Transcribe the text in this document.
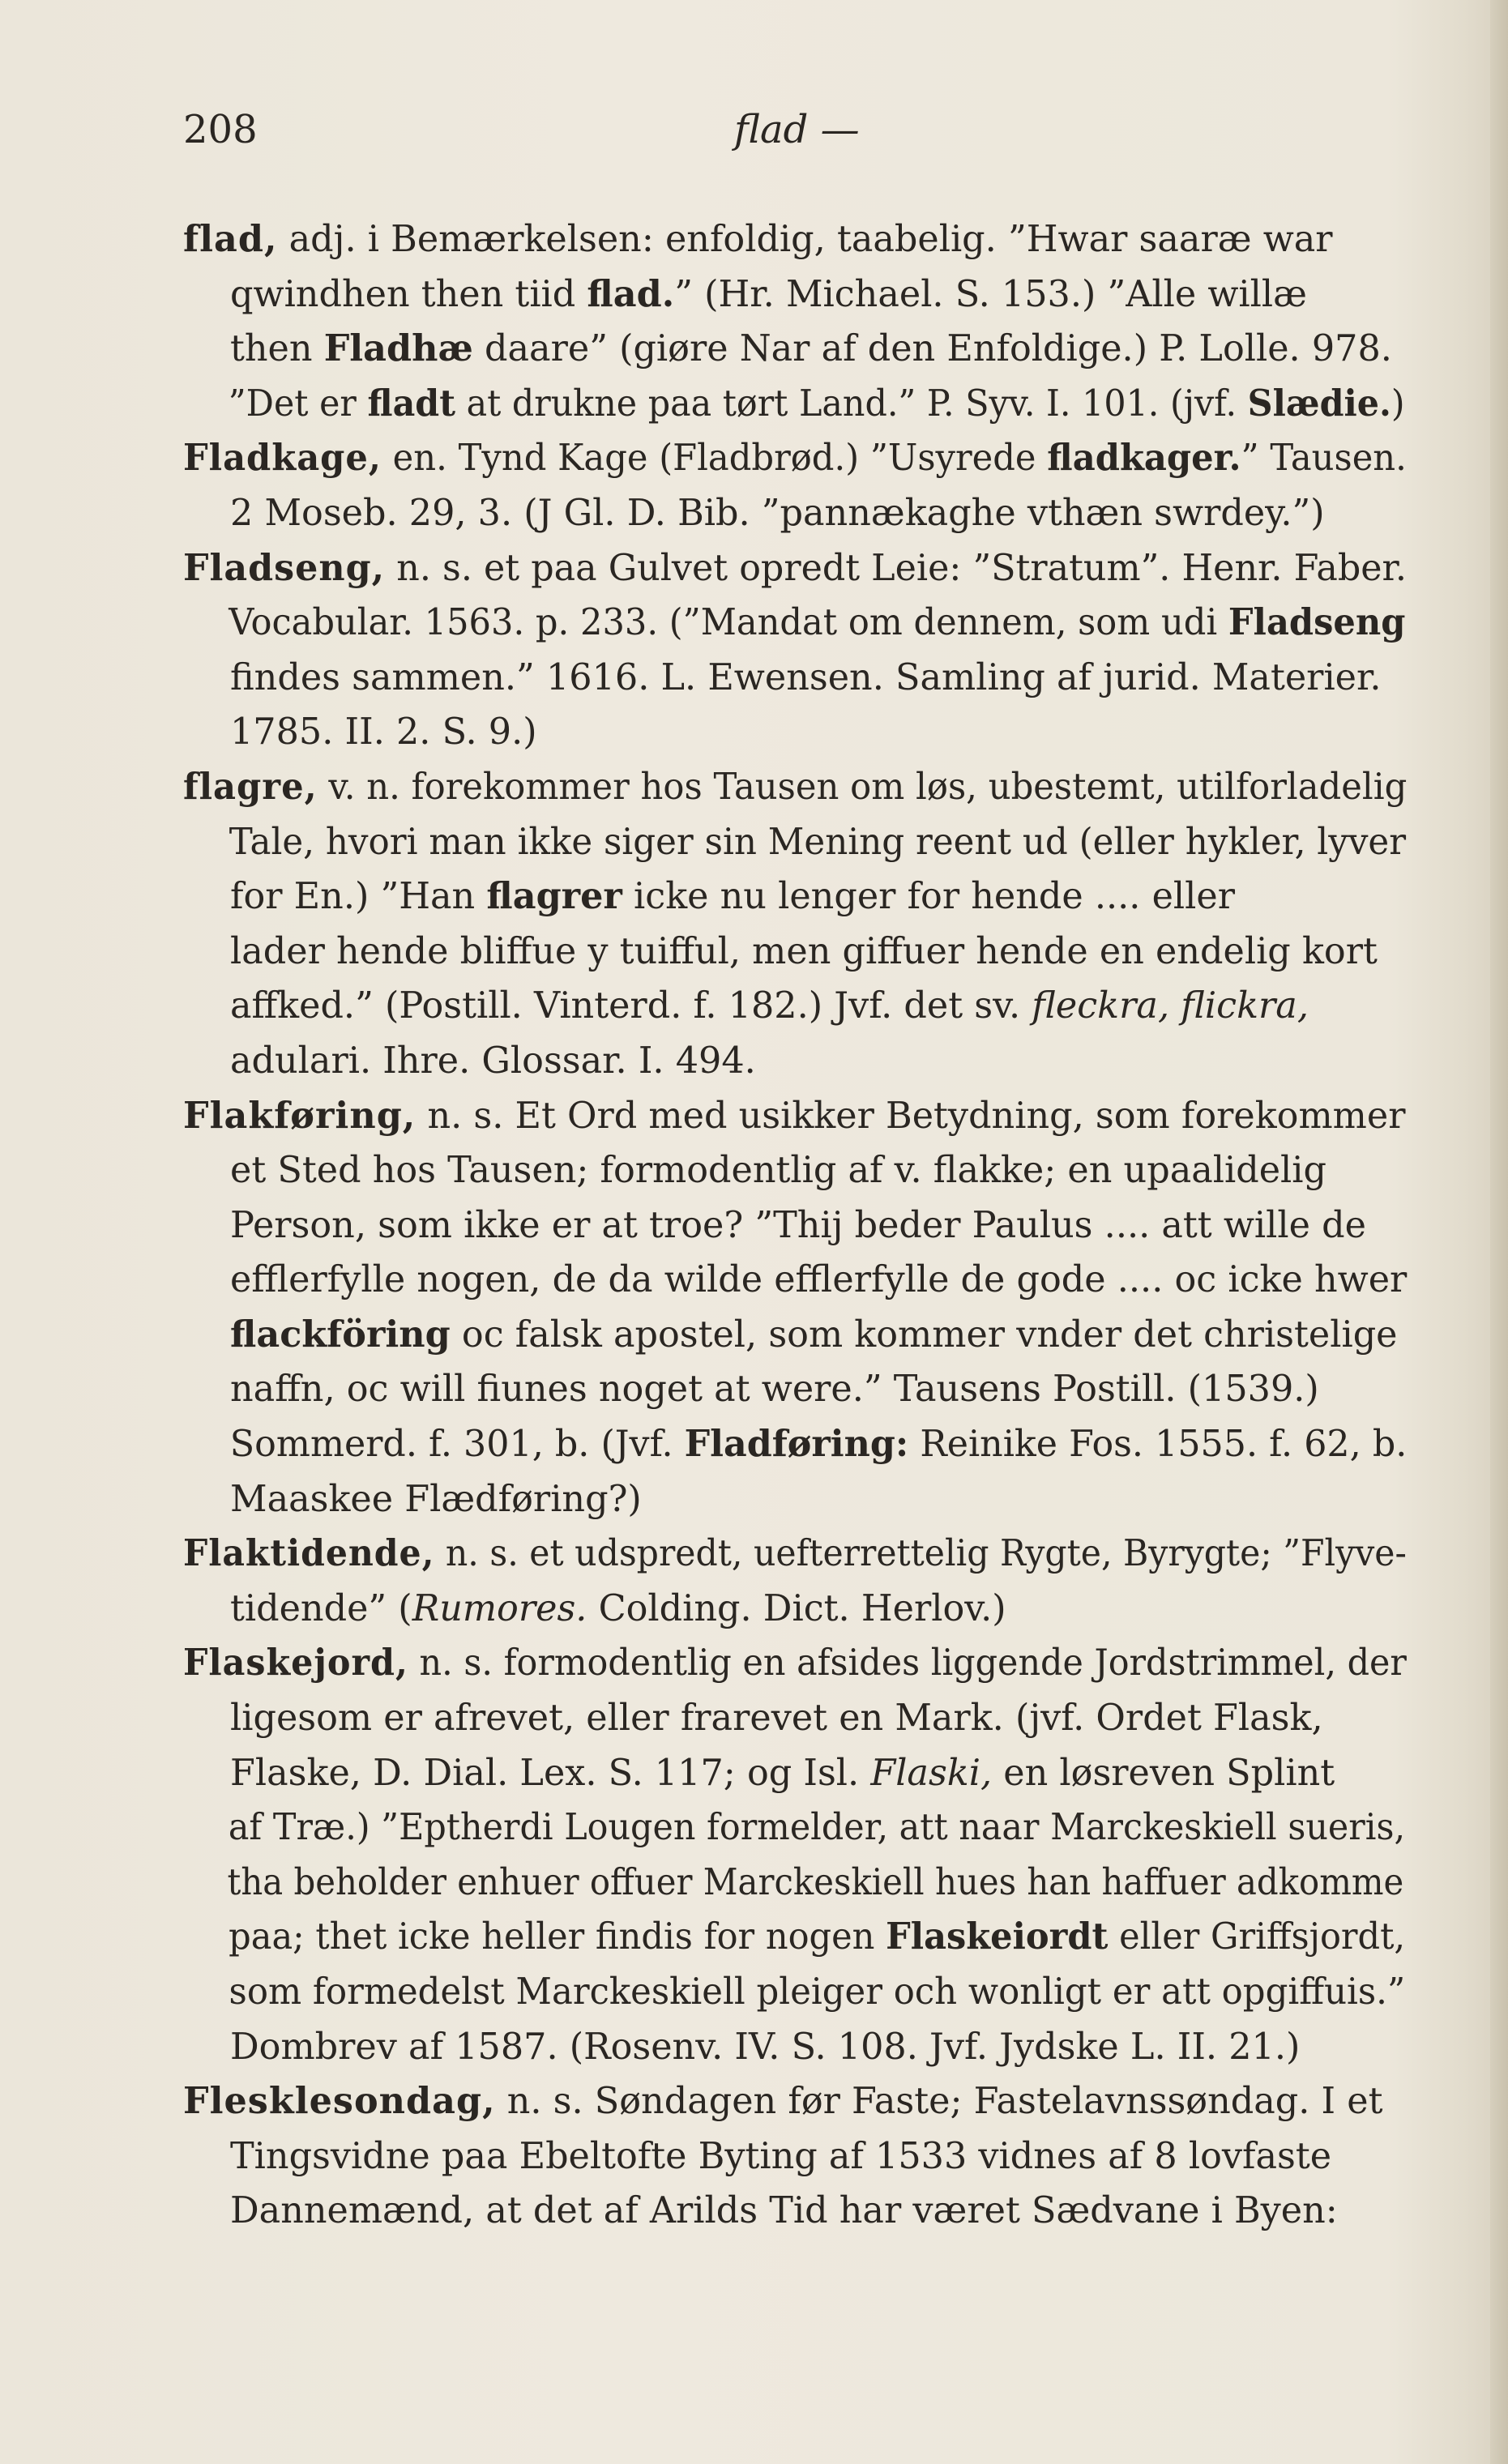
208	flad —
flad, adj. i Bemærkelsen: enfoldig, taabelig. ”Hwar saaræ war
qwindhen then tiid flad.” (Hr. Michael. S. 153.) ”Alle willæ
then Fladhæ daare” (giøre Nar af den Enfoldige.) P. Lolle. 978.
”Det er fladt at drukne paa tørt Land.” P. Syv. I. 101. (jvf. Slædie.)
Fladkage, en. Tynd Kage (Fladbrød.) ”Usyrede fladkager.” Tausen.
2 Moseb. 29, 3. (J Gl. D. Bib. ”pannækaghe vthæn swrdey.”)
Fladseng, n. s. et paa Gulvet opredt Leie: ”Stratum”. Henr. Faber.
Vocabular. 1563. p. 233. (”Mandat om dennem, som udi Fladseng
findes sammen.” 1616. L. Ewensen. Samling af jurid. Materier.
1785. II. 2. S. 9.)
flagre, v. n. forekommer hos Tausen om løs, ubestemt, utilforladelig
Tale, hvori man ikke siger sin Mening reent ud (eller hykler, lyver
for En.) ”Han flagrer icke nu lenger for hende .... eller
lader hende bliffue y tuifful, men giffuer hende en endelig kort
affked.” (Postill. Vinterd. f. 182.) Jvf. det sv. fleckra, flickra,
adulari. Ihre. Glossar. I. 494.
Flakføring, n. s. Et Ord med usikker Betydning, som forekommer
et Sted hos Tausen; formodentlig af v. flakke; en upaalidelig
Person, som ikke er at troe? ”Thij beder Paulus .... att wille de
efflerfylle nogen, de da wilde efflerfylle de gode .... oc icke hwer
flackföring oc falsk apostel, som kommer vnder det christelige
naffn, oc will fiunes noget at were.” Tausens Postill. (1539.)
Sommerd. f. 301, b. (Jvf. Fladføring: Reinike Fos. 1555. f. 62, b.
Maaskee Flædføring?)
Flaktidende, n. s. et udspredt, uefterrettelig Rygte, Byrygte; ”Flyve-
tidende” (Rumores. Colding. Dict. Herlov.)
Flaskejord, n. s. formodentlig en afsides liggende Jordstrimmel, der
ligesom er afrevet, eller frarevet en Mark. (jvf. Ordet Flask,
Flaske, D. Dial. Lex. S. 117; og Isl. Flaski, en løsreven Splint
af Træ.) ”Eptherdi Lougen formelder, att naar Marckeskiell sueris,
tha beholder enhuer offuer Marckeskiell hues han haffuer adkomme
paa; thet icke heller findis for nogen Flaskeiordt eller Griffsjordt,
som formedelst Marckeskiell pleiger och wonligt er att opgiffuis.”
Dombrev af 1587. (Rosenv. IV. S. 108. Jvf. Jydske L. II. 21.)
Flesklesondag, n. s. Søndagen før Faste; Fastelavnssøndag. I et
Tingsvidne paa Ebeltofte Byting af 1533 vidnes af 8 lovfaste
Dannemænd, at det af Arilds Tid har været Sædvane i Byen:
